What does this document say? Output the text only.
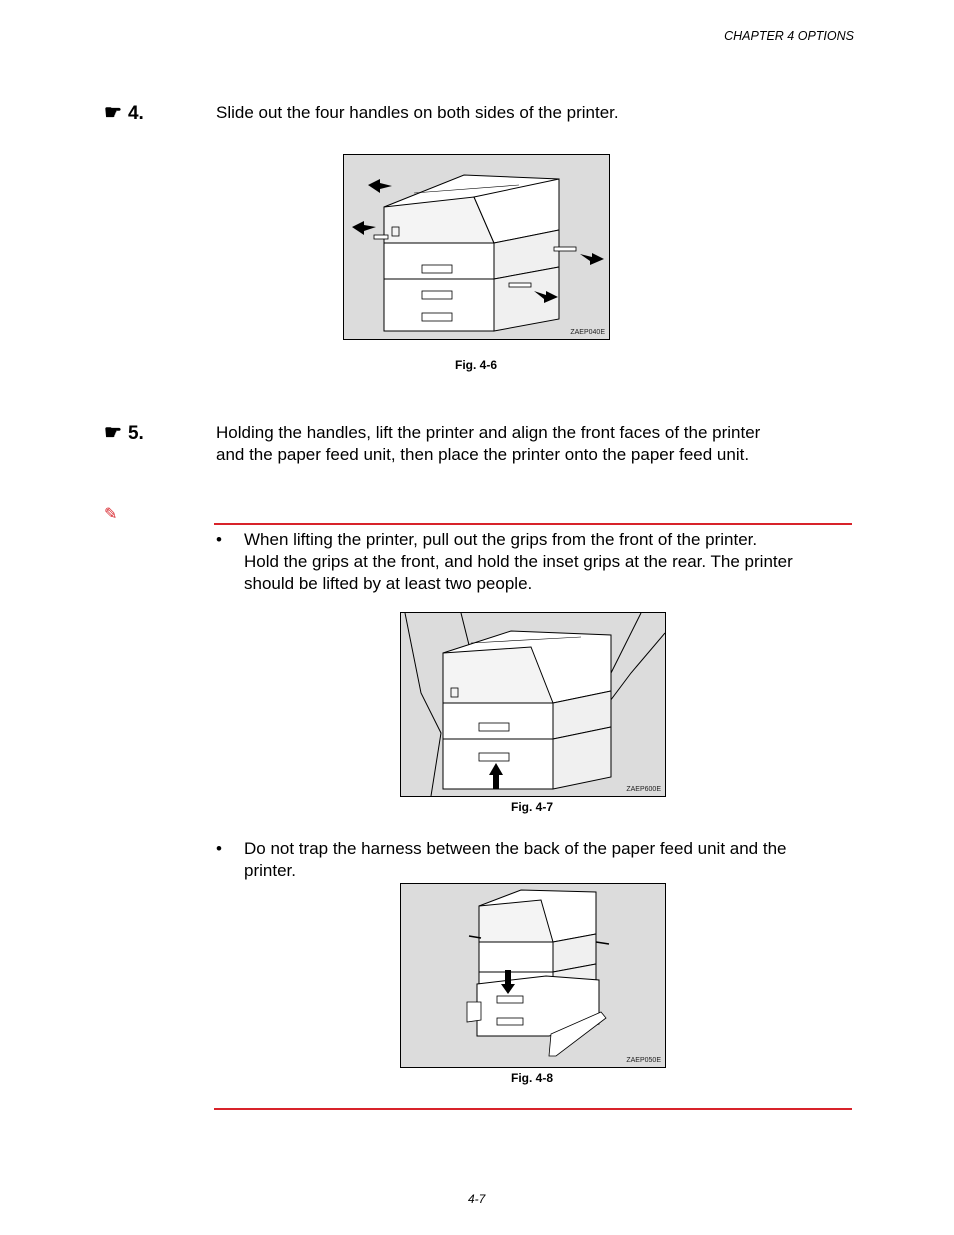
CHAPTER 4 OPTIONS
☛ 4.	Slide out the four handles on both sides of the printer.
ZAEP040E
Fig. 4-6
☛ 5.	Holding the handles, lift the printer and align the front faces of the printer
and the paper feed unit, then place the printer onto the paper feed unit.
✎
• When lifting the printer, pull out the grips from the front of the printer.
Hold the grips at the front, and hold the inset grips at the rear. The printer
should be lifted by at least two people.
ZAEP600E
Fig. 4-7
• Do not trap the harness between the back of the paper feed unit and the
printer.
ZAEP050E
Fig. 4-8
4-7
